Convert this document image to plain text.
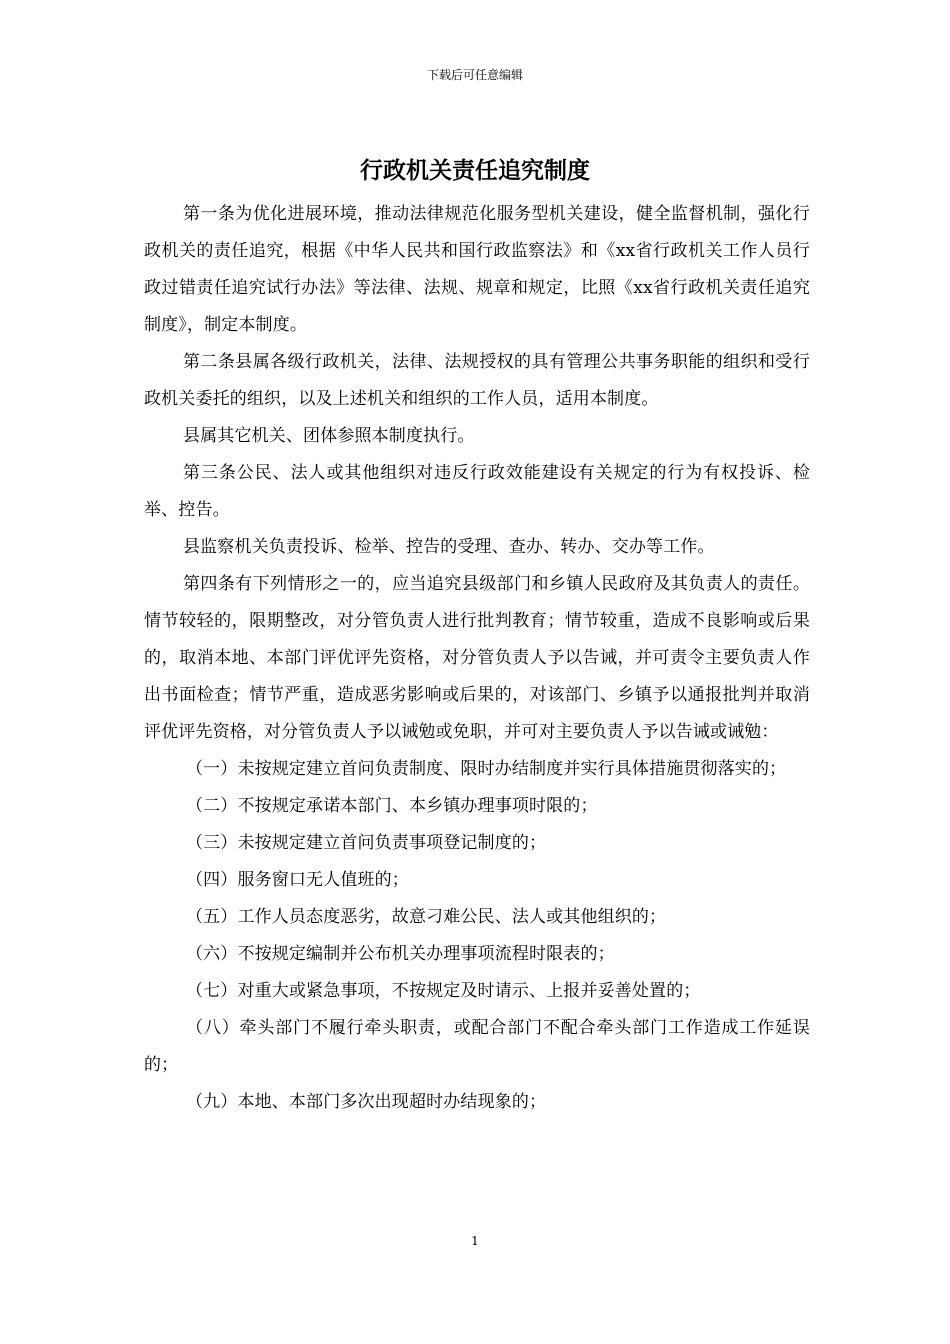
下载后可任意编辑
行政机关责任追究制度

第一条为优化进展环境，推动法律规范化服务型机关建设，健全监督机制，强化行政机关的责任追究，根据《中华人民共和国行政监察法》和《xx省行政机关工作人员行政过错责任追究试行办法》等法律、法规、规章和规定，比照《xx省行政机关责任追究制度》，制定本制度。

第二条县属各级行政机关，法律、法规授权的具有管理公共事务职能的组织和受行政机关委托的组织，以及上述机关和组织的工作人员，适用本制度。

县属其它机关、团体参照本制度执行。

第三条公民、法人或其他组织对违反行政效能建设有关规定的行为有权投诉、检举、控告。

县监察机关负责投诉、检举、控告的受理、查办、转办、交办等工作。

第四条有下列情形之一的，应当追究县级部门和乡镇人民政府及其负责人的责任。情节较轻的，限期整改，对分管负责人进行批判教育；情节较重，造成不良影响或后果的，取消本地、本部门评优评先资格，对分管负责人予以告诫，并可责令主要负责人作出书面检查；情节严重，造成恶劣影响或后果的，对该部门、乡镇予以通报批判并取消评优评先资格，对分管负责人予以诫勉或免职，并可对主要负责人予以告诫或诫勉：

（一）未按规定建立首问负责制度、限时办结制度并实行具体措施贯彻落实的；

（二）不按规定承诺本部门、本乡镇办理事项时限的；

（三）未按规定建立首问负责事项登记制度的；

（四）服务窗口无人值班的；

（五）工作人员态度恶劣，故意刁难公民、法人或其他组织的；

（六）不按规定编制并公布机关办理事项流程时限表的；

（七）对重大或紧急事项，不按规定及时请示、上报并妥善处置的；

（八）牵头部门不履行牵头职责，或配合部门不配合牵头部门工作造成工作延误的；

（九）本地、本部门多次出现超时办结现象的；

1
